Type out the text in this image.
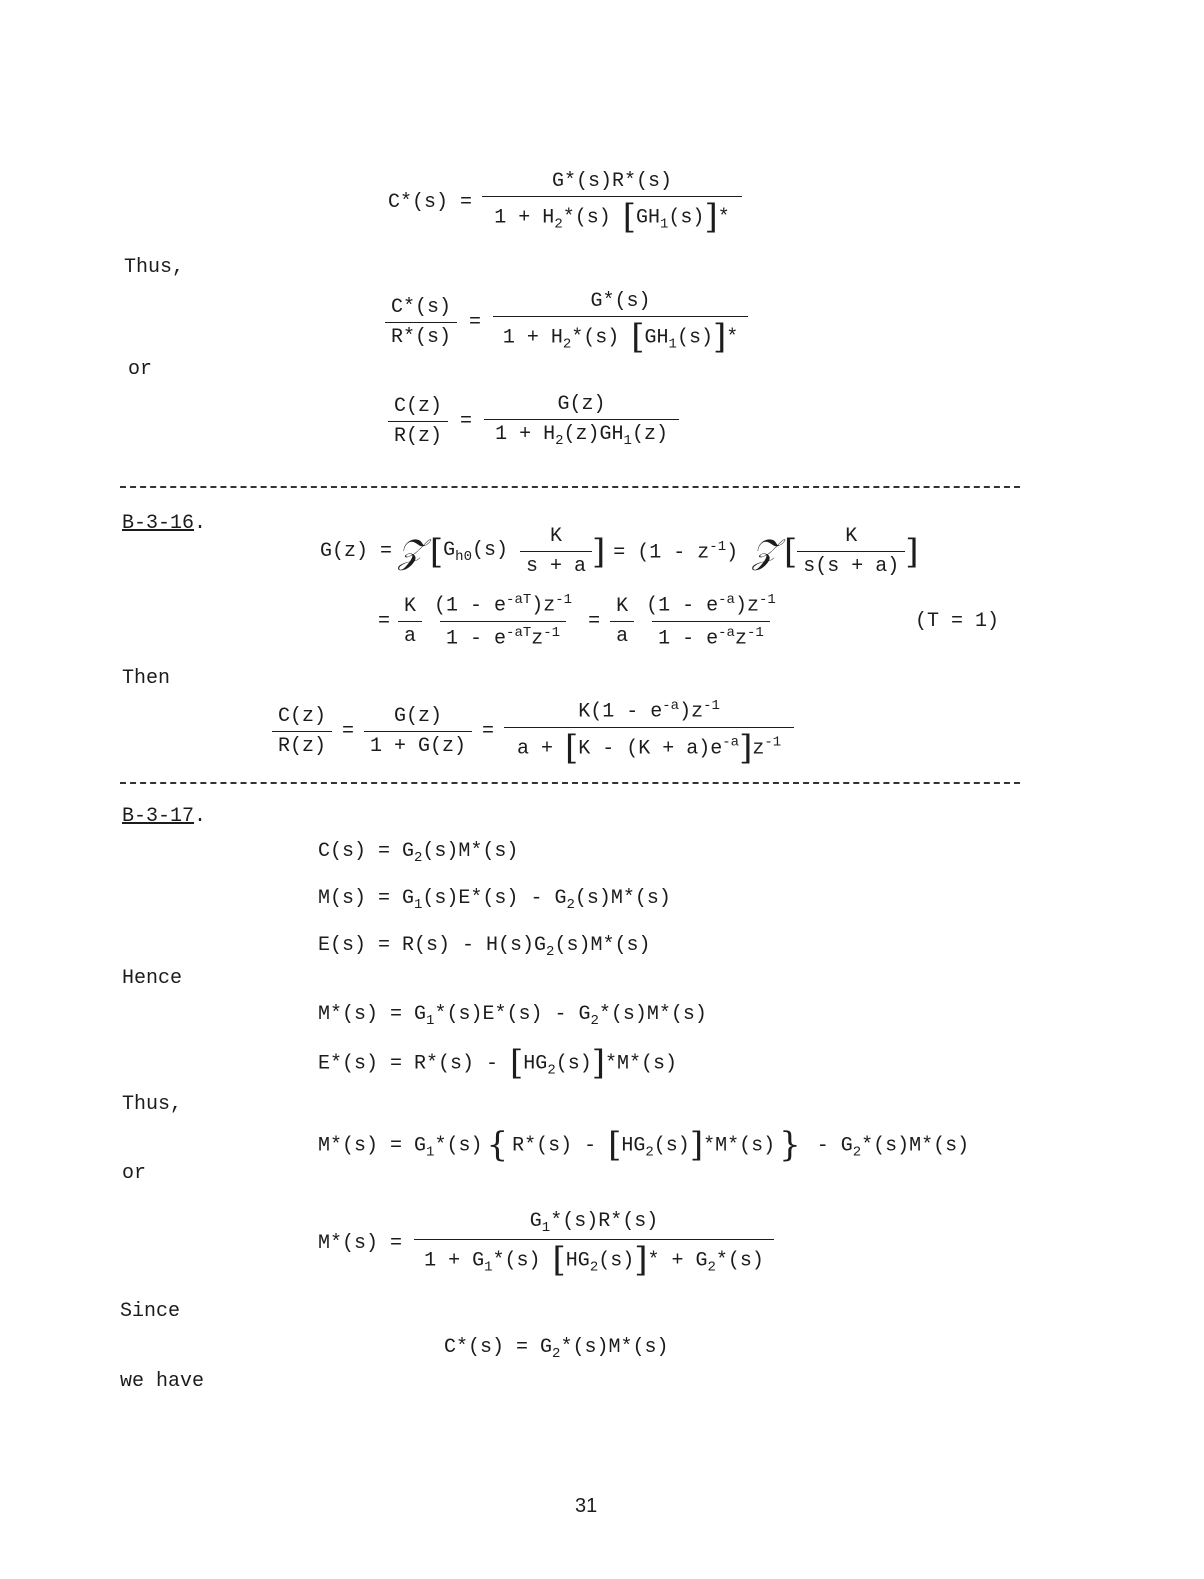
$C*(s) = \frac{G*(s)R*(s)}{1 + H_2*(s) [GH_1(s)]*}$
Thus,
$\frac{C*(s)}{R*(s)} = \frac{G*(s)}{1 + H_2*(s) [GH_1(s)]*}$
or
$\frac{C(z)}{R(z)} = \frac{G(z)}{1 + H_2(z)GH_1(z)}$
B-3-16.
G(z) = 𝒵 [ $G_{h0}(s) \frac{K}{s + a}$ ] = $(1 - z^{-1})$ 𝒵 [ $\frac{K}{s(s + a)}$ ]
= $\frac{K}{a} \frac{(1 - e^{-aT})z^{-1}}{1 - e^{-aT}z^{-1}} = \frac{K}{a} \frac{(1 - e^{-a})z^{-1}}{1 - e^{-a}z^{-1}}$	(T = 1)
Then
$\frac{C(z)}{R(z)} = \frac{G(z)}{1 + G(z)} = \frac{K(1 - e^{-a})z^{-1}}{a + [K - (K + a)e^{-a}]z^{-1}}$
B-3-17.
$C(s) = G_2(s)M*(s)$
$M(s) = G_1(s)E*(s) - G_2(s)M*(s)$
$E(s) = R(s) - H(s)G_2(s)M*(s)$
Hence
$M*(s) = G_1*(s)E*(s) - G_2*(s)M*(s)$
$E*(s) = R*(s) - [HG_2(s)]*M*(s)$
Thus,
$M*(s) = G_1*(s)$ { $R*(s) - [HG_2(s)]*M*(s)$ } - $G_2*(s)M*(s)$
or
$M*(s) = \frac{G_1*(s)R*(s)}{1 + G_1*(s) [HG_2(s)]* + G_2*(s)}$
Since
$C*(s) = G_2*(s)M*(s)$
we have
31
